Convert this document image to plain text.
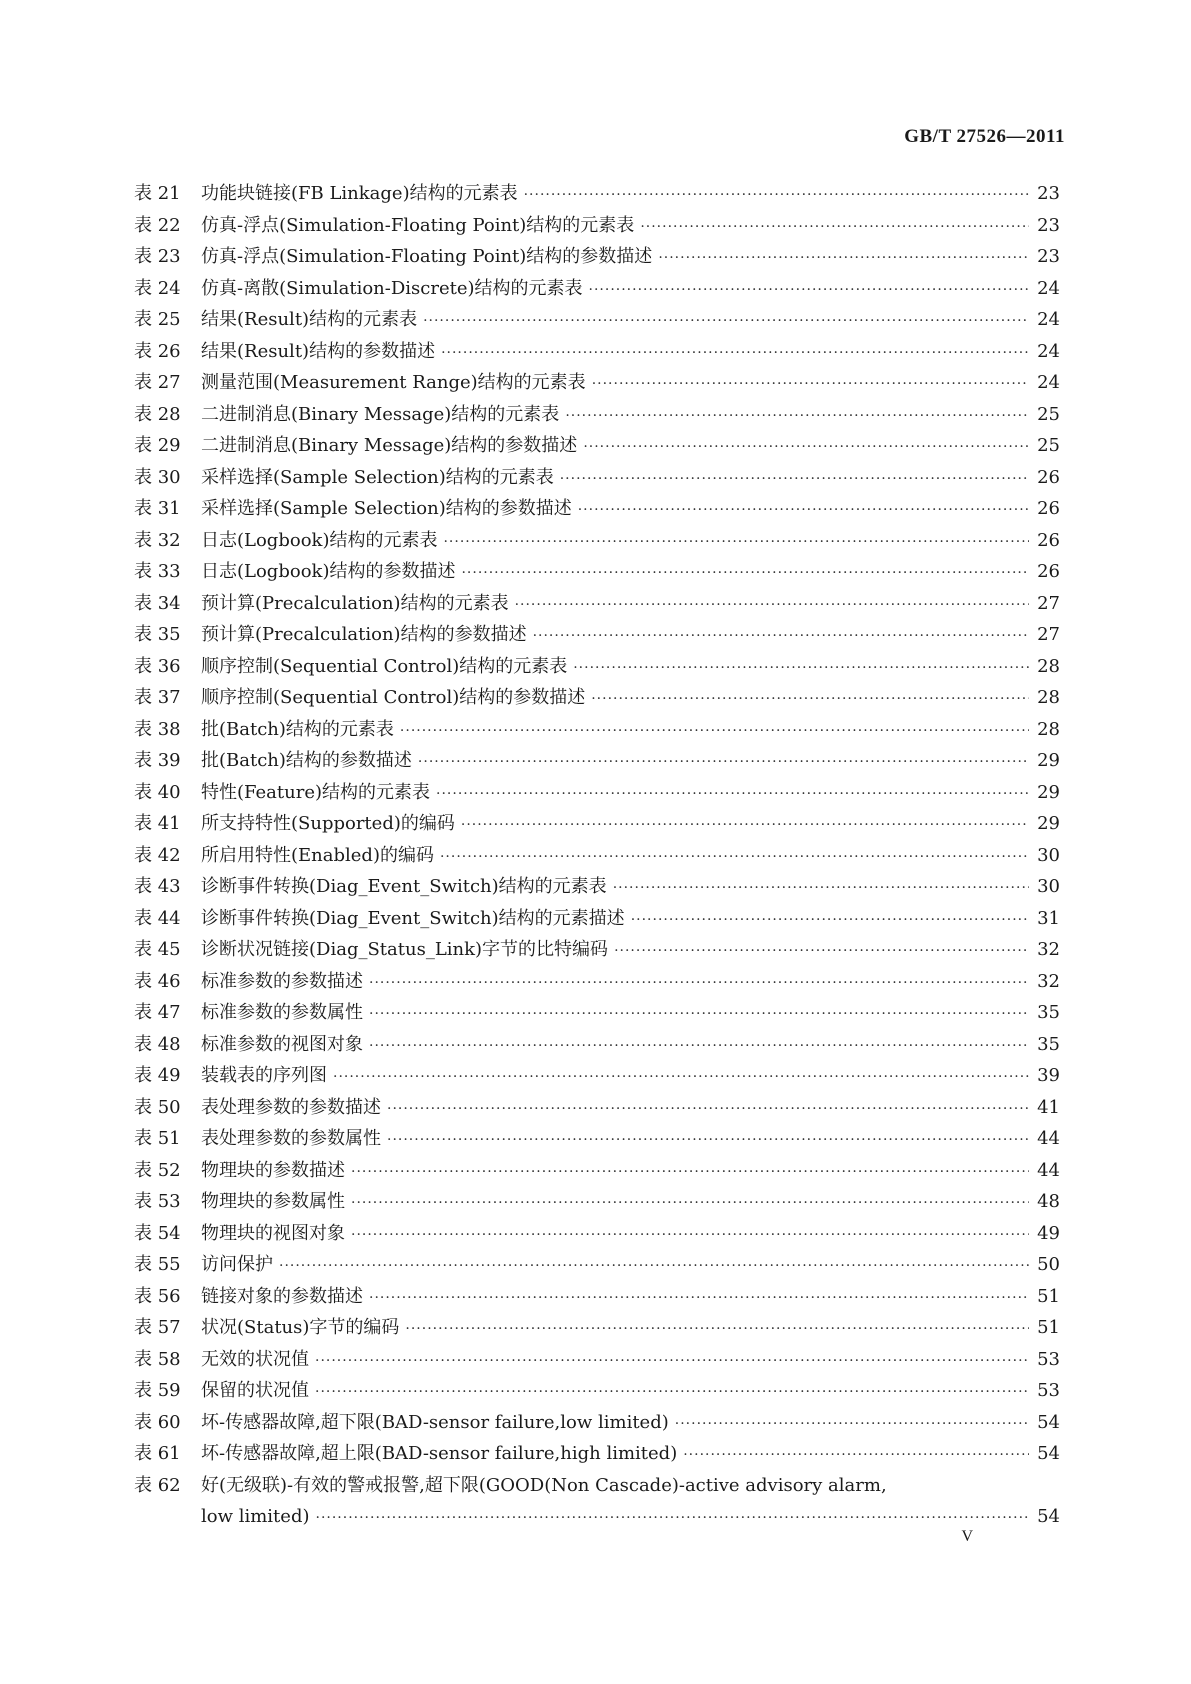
GB/T 27526—2011
表 21	功能块链接(FB Linkage)结构的元素表 ·····	23
表 22	仿真-浮点(Simulation-Floating Point)结构的元素表 ·····	23
表 23	仿真-浮点(Simulation-Floating Point)结构的参数描述 ·····	23
表 24	仿真-离散(Simulation-Discrete)结构的元素表 ·····	24
表 25	结果(Result)结构的元素表 ·····	24
表 26	结果(Result)结构的参数描述 ·····	24
表 27	测量范围(Measurement Range)结构的元素表 ·····	24
表 28	二进制消息(Binary Message)结构的元素表 ·····	25
表 29	二进制消息(Binary Message)结构的参数描述 ·····	25
表 30	采样选择(Sample Selection)结构的元素表 ·····	26
表 31	采样选择(Sample Selection)结构的参数描述 ·····	26
表 32	日志(Logbook)结构的元素表 ·····	26
表 33	日志(Logbook)结构的参数描述 ·····	26
表 34	预计算(Precalculation)结构的元素表 ·····	27
表 35	预计算(Precalculation)结构的参数描述 ·····	27
表 36	顺序控制(Sequential Control)结构的元素表 ·····	28
表 37	顺序控制(Sequential Control)结构的参数描述 ·····	28
表 38	批(Batch)结构的元素表 ·····	28
表 39	批(Batch)结构的参数描述 ·····	29
表 40	特性(Feature)结构的元素表 ·····	29
表 41	所支持特性(Supported)的编码 ·····	29
表 42	所启用特性(Enabled)的编码 ·····	30
表 43	诊断事件转换(Diag_Event_Switch)结构的元素表 ·····	30
表 44	诊断事件转换(Diag_Event_Switch)结构的元素描述 ·····	31
表 45	诊断状况链接(Diag_Status_Link)字节的比特编码 ·····	32
表 46	标准参数的参数描述 ·····	32
表 47	标准参数的参数属性 ·····	35
表 48	标准参数的视图对象 ·····	35
表 49	装载表的序列图 ·····	39
表 50	表处理参数的参数描述 ·····	41
表 51	表处理参数的参数属性 ·····	44
表 52	物理块的参数描述 ·····	44
表 53	物理块的参数属性 ·····	48
表 54	物理块的视图对象 ·····	49
表 55	访问保护 ·····	50
表 56	链接对象的参数描述 ·····	51
表 57	状况(Status)字节的编码 ·····	51
表 58	无效的状况值 ·····	53
表 59	保留的状况值 ·····	53
表 60	坏-传感器故障,超下限(BAD-sensor failure,low limited) ·····	54
表 61	坏-传感器故障,超上限(BAD-sensor failure,high limited) ·····	54
表 62	好(无级联)-有效的警戒报警,超下限(GOOD(Non Cascade)-active advisory alarm,
low limited) ·····	54
V
